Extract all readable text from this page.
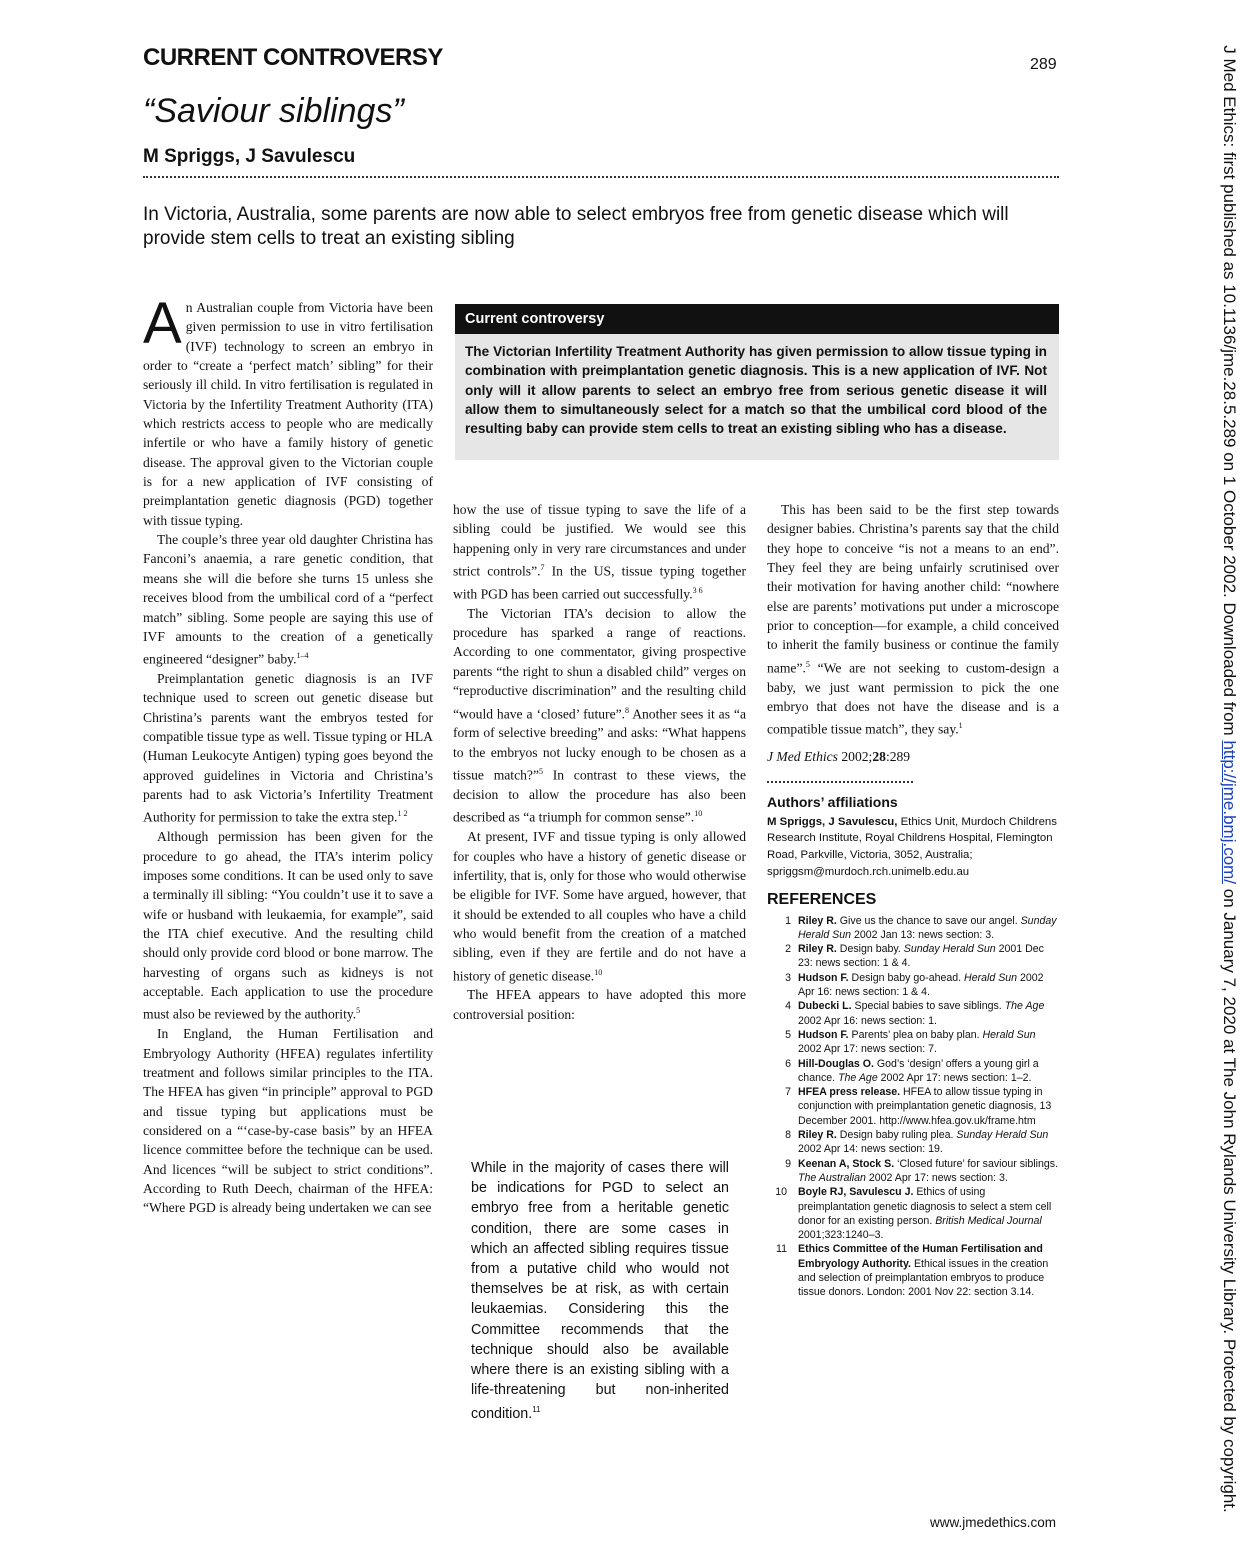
CURRENT CONTROVERSY	289
“Saviour siblings”
M Spriggs, J Savulescu
In Victoria, Australia, some parents are now able to select embryos free from genetic disease which will provide stem cells to treat an existing sibling

An Australian couple from Victoria have been given permission to use in vitro fertilisation (IVF) technology to screen an embryo in order to “create a ‘perfect match’ sibling” for their seriously ill child. In vitro fertilisation is regulated in Victoria by the Infertility Treatment Authority (ITA) which restricts access to people who are medically infertile or who have a family history of genetic disease. The approval given to the Victorian couple is for a new application of IVF consisting of preimplantation genetic diagnosis (PGD) together with tissue typing.

The couple’s three year old daughter Christina has Fanconi’s anaemia, a rare genetic condition, that means she will die before she turns 15 unless she receives blood from the umbilical cord of a “perfect match” sibling. Some people are saying this use of IVF amounts to the creation of a genetically engineered “designer” baby.$^{1-4}$

Preimplantation genetic diagnosis is an IVF technique used to screen out genetic disease but Christina’s parents want the embryos tested for compatible tissue type as well. Tissue typing or HLA (Human Leukocyte Antigen) typing goes beyond the approved guidelines in Victoria and Christina’s parents had to ask Victoria’s Infertility Treatment Authority for permission to take the extra step.$^{1 2}$

Although permission has been given for the procedure to go ahead, the ITA’s interim policy imposes some conditions. It can be used only to save a terminally ill sibling: “You couldn’t use it to save a wife or husband with leukaemia, for example”, said the ITA chief executive. And the resulting child should only provide cord blood or bone marrow. The harvesting of organs such as kidneys is not acceptable. Each application to use the procedure must also be reviewed by the authority.$^5$

In England, the Human Fertilisation and Embryology Authority (HFEA) regulates infertility treatment and follows similar principles to the ITA. The HFEA has given “in principle” approval to PGD and tissue typing but applications must be considered on a “‘case-by-case basis” by an HFEA licence committee before the technique can be used. And licences “will be subject to strict conditions”. According to Ruth Deech, chairman of the HFEA: “Where PGD is already being undertaken we can see

Current controversy
The Victorian Infertility Treatment Authority has given permission to allow tissue typing in combination with preimplantation genetic diagnosis. This is a new application of IVF. Not only will it allow parents to select an embryo free from serious genetic disease it will allow them to simultaneously select for a match so that the umbilical cord blood of the resulting baby can provide stem cells to treat an existing sibling who has a disease.

how the use of tissue typing to save the life of a sibling could be justified. We would see this happening only in very rare circumstances and under strict controls”.$^7$ In the US, tissue typing together with PGD has been carried out successfully.$^{3 6}$

The Victorian ITA’s decision to allow the procedure has sparked a range of reactions. According to one commentator, giving prospective parents “the right to shun a disabled child” verges on “reproductive discrimination” and the resulting child “would have a ‘closed’ future”.$^8$ Another sees it as “a form of selective breeding” and asks: “What happens to the embryos not lucky enough to be chosen as a tissue match?”$^5$ In contrast to these views, the decision to allow the procedure has also been described as “a triumph for common sense”.$^{10}$

At present, IVF and tissue typing is only allowed for couples who have a history of genetic disease or infertility, that is, only for those who would otherwise be eligible for IVF. Some have argued, however, that it should be extended to all couples who have a child who would benefit from the creation of a matched sibling, even if they are fertile and do not have a history of genetic disease.$^{10}$

The HFEA appears to have adopted this more controversial position:

While in the majority of cases there will be indications for PGD to select an embryo free from a heritable genetic condition, there are some cases in which an affected sibling requires tissue from a putative child who would not themselves be at risk, as with certain leukaemias. Considering this the Committee recommends that the technique should also be available where there is an existing sibling with a life-threatening but non-inherited condition.$^{11}$

This has been said to be the first step towards designer babies. Christina’s parents say that the child they hope to conceive “is not a means to an end”. They feel they are being unfairly scrutinised over their motivation for having another child: “nowhere else are parents’ motivations put under a microscope prior to conception—for example, a child conceived to inherit the family business or continue the family name”.$^5$ “We are not seeking to custom-design a baby, we just want permission to pick the one embryo that does not have the disease and is a compatible tissue match”, they say.$^1$

J Med Ethics 2002;28:289
Authors’ affiliations
M Spriggs, J Savulescu, Ethics Unit, Murdoch Childrens Research Institute, Royal Childrens Hospital, Flemington Road, Parkville, Victoria, 3052, Australia;
spriggsm@murdoch.rch.unimelb.edu.au
REFERENCES
1 Riley R. Give us the chance to save our angel. Sunday Herald Sun 2002 Jan 13: news section: 3.
2 Riley R. Design baby. Sunday Herald Sun 2001 Dec 23: news section: 1 & 4.
3 Hudson F. Design baby go-ahead. Herald Sun 2002 Apr 16: news section: 1 & 4.
4 Dubecki L. Special babies to save siblings. The Age 2002 Apr 16: news section: 1.
5 Hudson F. Parents’ plea on baby plan. Herald Sun 2002 Apr 17: news section: 7.
6 Hill-Douglas O. God’s ‘design’ offers a young girl a chance. The Age 2002 Apr 17: news section: 1–2.
7 HFEA press release. HFEA to allow tissue typing in conjunction with preimplantation genetic diagnosis, 13 December 2001. http://www.hfea.gov.uk/frame.htm
8 Riley R. Design baby ruling plea. Sunday Herald Sun 2002 Apr 14: news section: 19.
9 Keenan A, Stock S. ‘Closed future’ for saviour siblings. The Australian 2002 Apr 17: news section: 3.
10 Boyle RJ, Savulescu J. Ethics of using preimplantation genetic diagnosis to select a stem cell donor for an existing person. British Medical Journal 2001;323:1240–3.
11 Ethics Committee of the Human Fertilisation and Embryology Authority. Ethical issues in the creation and selection of preimplantation embryos to produce tissue donors. London: 2001 Nov 22: section 3.14.
www.jmedethics.com
J Med Ethics: first published as 10.1136/jme.28.5.289 on 1 October 2002. Downloaded from http://jme.bmj.com/ on January 7, 2020 at The John Rylands University Library. Protected by copyright.
